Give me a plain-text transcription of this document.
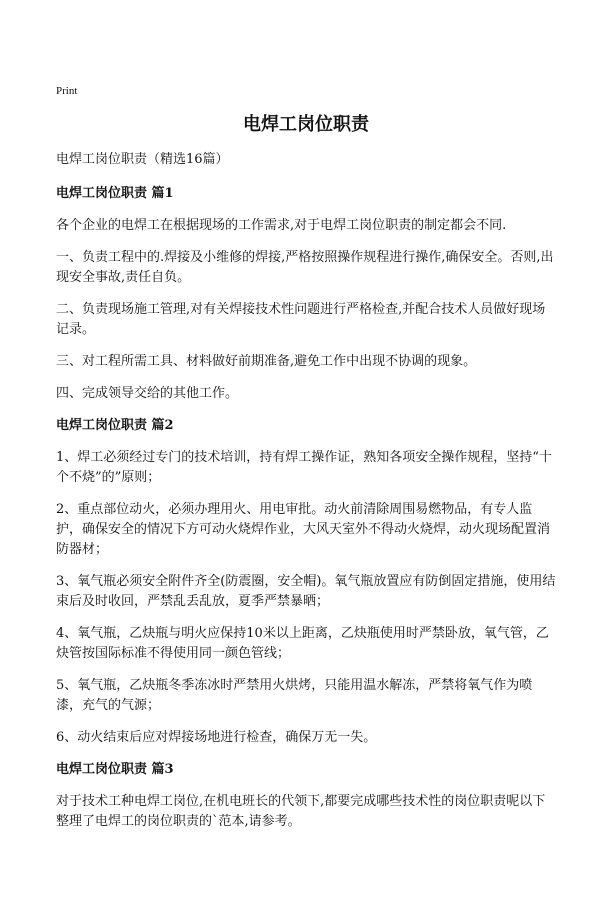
Print
电焊工岗位职责
电焊工岗位职责（精选16篇）
电焊工岗位职责 篇1

各个企业的电焊工在根据现场的工作需求,对于电焊工岗位职责的制定都会不同.

一、负责工程中的.焊接及小维修的焊接,严格按照操作规程进行操作,确保安全。否则,出现安全事故,责任自负。

二、负责现场施工管理,对有关焊接技术性问题进行严格检查,并配合技术人员做好现场记录。

三、对工程所需工具、材料做好前期准备,避免工作中出现不协调的现象。

四、完成领导交给的其他工作。

电焊工岗位职责 篇2

1、焊工必须经过专门的技术培训，持有焊工操作证，熟知各项安全操作规程，坚持“十个不烧”的”原则；

2、重点部位动火，必须办理用火、用电审批。动火前清除周围易燃物品，有专人监护，确保安全的情况下方可动火烧焊作业，大风天室外不得动火烧焊，动火现场配置消防器材；

3、氧气瓶必须安全附件齐全(防震圈，安全帽)。氧气瓶放置应有防倒固定措施，使用结束后及时收回，严禁乱丢乱放，夏季严禁暴晒；

4、氧气瓶，乙炔瓶与明火应保持10米以上距离，乙炔瓶使用时严禁卧放，氧气管，乙炔管按国际标准不得使用同一颜色管线；

5、氧气瓶，乙炔瓶冬季冻冰时严禁用火烘烤，只能用温水解冻，严禁将氧气作为喷漆，充气的气源；

6、动火结束后应对焊接场地进行检查，确保万无一失。

电焊工岗位职责 篇3

对于技术工种电焊工岗位,在机电班长的代领下,都要完成哪些技术性的岗位职责呢以下整理了电焊工的岗位职责的`范本,请参考。
